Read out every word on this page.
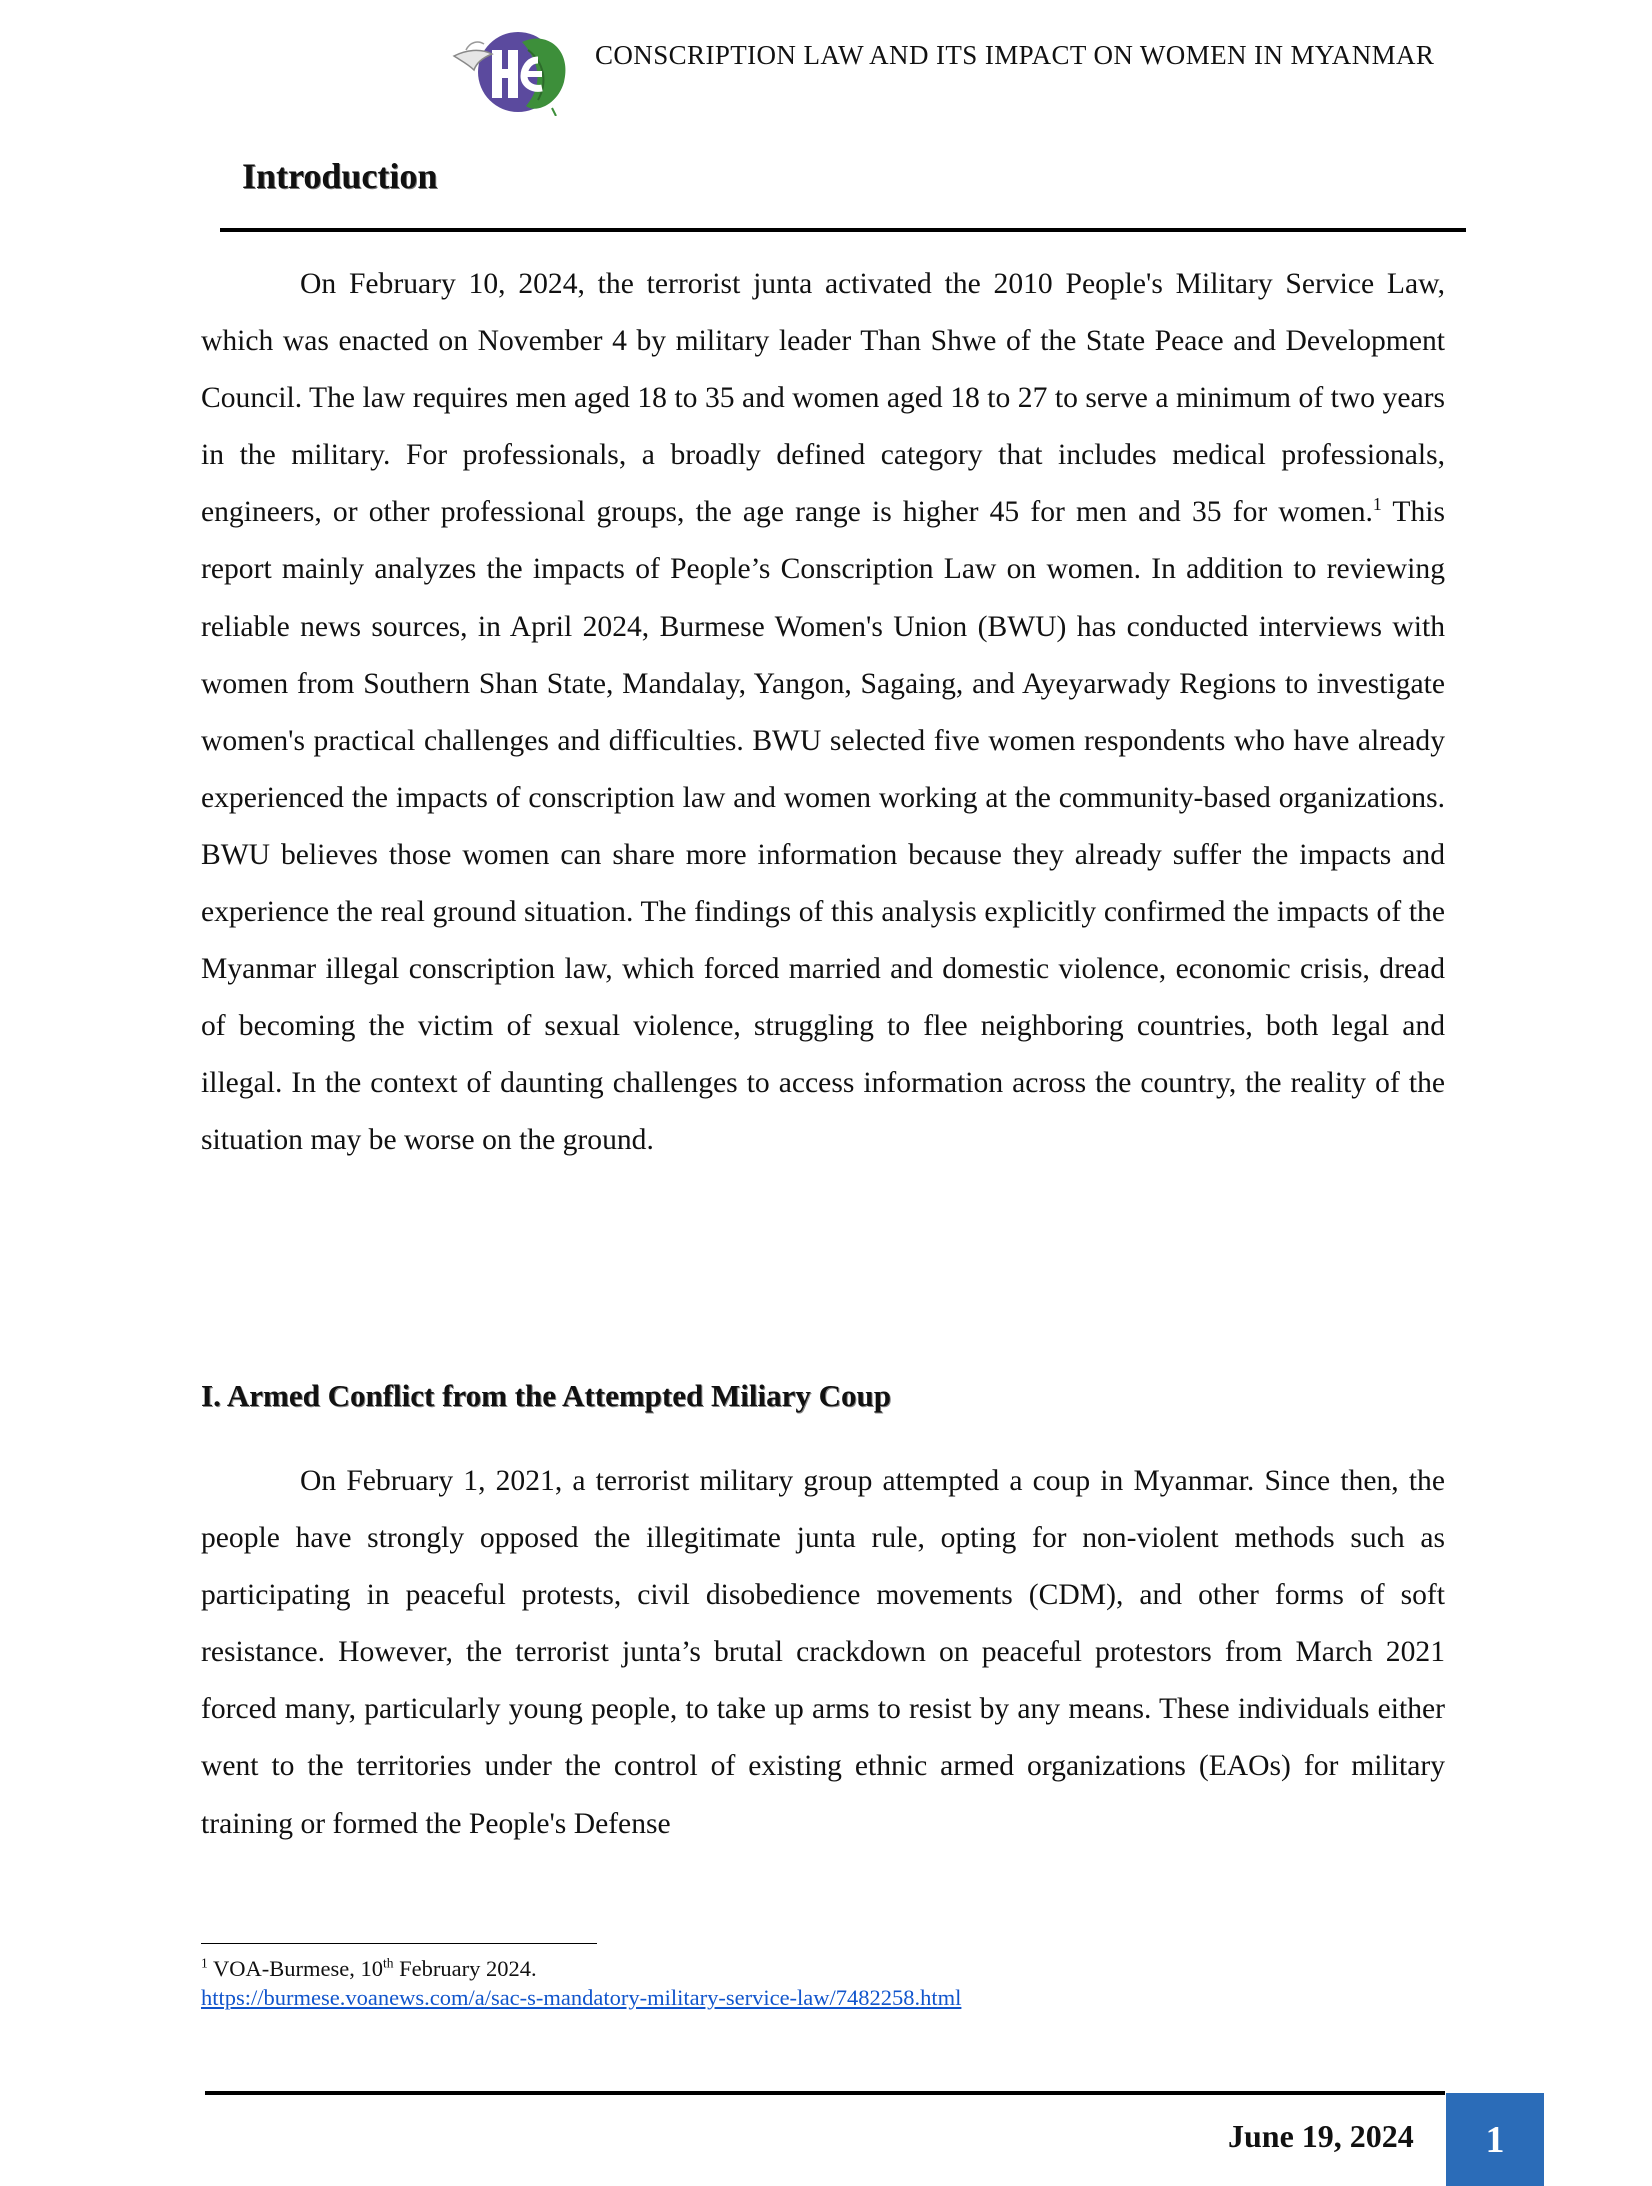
CONSCRIPTION LAW AND ITS IMPACT ON WOMEN IN MYANMAR
Introduction

On February 10, 2024, the terrorist junta activated the 2010 People's Military Service Law, which was enacted on November 4 by military leader Than Shwe of the State Peace and Development Council. The law requires men aged 18 to 35 and women aged 18 to 27 to serve a minimum of two years in the military. For professionals, a broadly defined category that includes medical professionals, engineers, or other professional groups, the age range is higher 45 for men and 35 for women.$^1$ This report mainly analyzes the impacts of People’s Conscription Law on women. In addition to reviewing reliable news sources, in April 2024, Burmese Women's Union (BWU) has conducted interviews with women from Southern Shan State, Mandalay, Yangon, Sagaing, and Ayeyarwady Regions to investigate women's practical challenges and difficulties. BWU selected five women respondents who have already experienced the impacts of conscription law and women working at the community-based organizations. BWU believes those women can share more information because they already suffer the impacts and experience the real ground situation. The findings of this analysis explicitly confirmed the impacts of the Myanmar illegal conscription law, which forced married and domestic violence, economic crisis, dread of becoming the victim of sexual violence, struggling to flee neighboring countries, both legal and illegal. In the context of daunting challenges to access information across the country, the reality of the situation may be worse on the ground.

I. Armed Conflict from the Attempted Miliary Coup

On February 1, 2021, a terrorist military group attempted a coup in Myanmar. Since then, the people have strongly opposed the illegitimate junta rule, opting for non-violent methods such as participating in peaceful protests, civil disobedience movements (CDM), and other forms of soft resistance. However, the terrorist junta’s brutal crackdown on peaceful protestors from March 2021 forced many, particularly young people, to take up arms to resist by any means. These individuals either went to the territories under the control of existing ethnic armed organizations (EAOs) for military training or formed the People's Defense

$^1$ VOA-Burmese, 10th February 2024.
https://burmese.voanews.com/a/sac-s-mandatory-military-service-law/7482258.html
June 19, 2024 1
